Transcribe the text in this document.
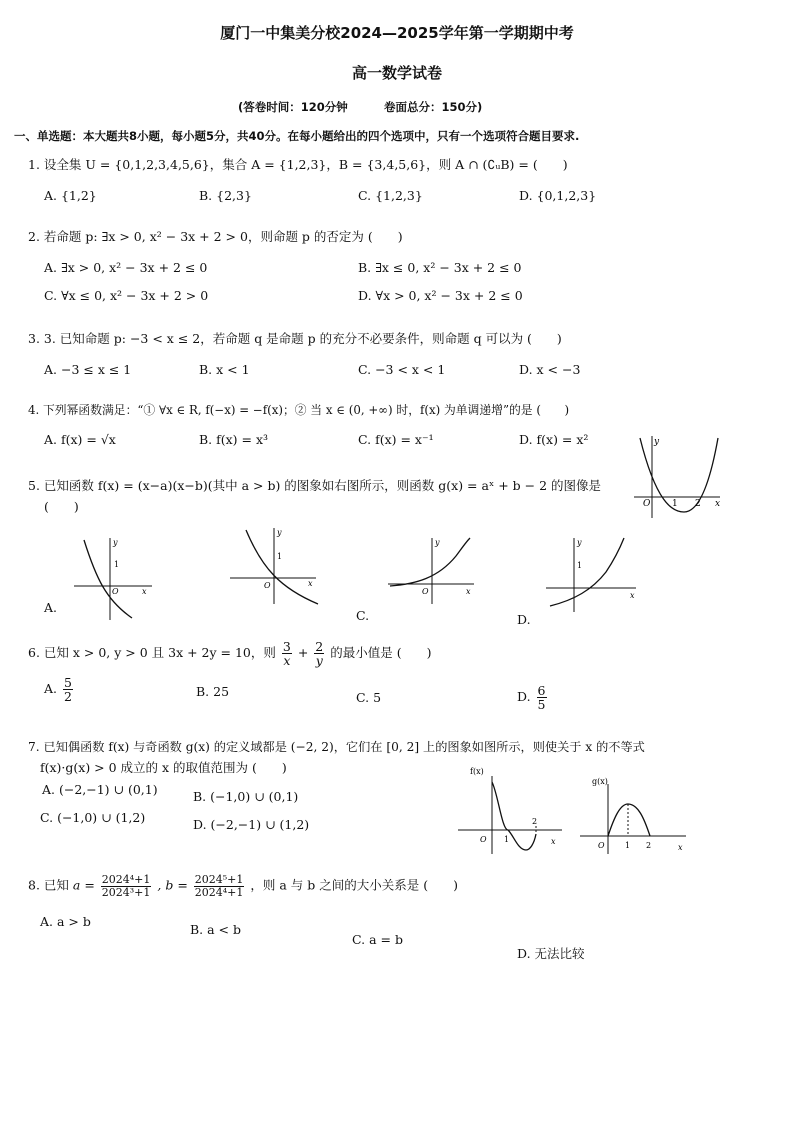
厦门一中集美分校2024—2025学年第一学期期中考
高一数学试卷
(答卷时间：120分钟	卷面总分：150分)
一、单选题：本大题共8小题，每小题5分，共40分。在每小题给出的四个选项中，只有一个选项符合题目要求.
1. 设全集 U = {0,1,2,3,4,5,6}，集合 A = {1,2,3}，B = {3,4,5,6}，则 A ∩ (∁ᵤB) = (　　)
A. {1,2}	B. {2,3}	C. {1,2,3}	D. {0,1,2,3}
2. 若命题 p: ∃x > 0, x² − 3x + 2 > 0，则命题 p 的否定为 (　　)
A. ∃x > 0, x² − 3x + 2 ≤ 0	B. ∃x ≤ 0, x² − 3x + 2 ≤ 0
C. ∀x ≤ 0, x² − 3x + 2 > 0	D. ∀x > 0, x² − 3x + 2 ≤ 0
3. 3. 已知命题 p: −3 < x ≤ 2，若命题 q 是命题 p 的充分不必要条件，则命题 q 可以为 (　　)
A. −3 ≤ x ≤ 1	B. x < 1	C. −3 < x < 1	D. x < −3
4. 下列幂函数满足：“① ∀x ∈ R, f(−x) = −f(x)；② 当 x ∈ (0, +∞) 时，f(x) 为单调递增”的是 (　　)
A. f(x) = √x	B. f(x) = x³	C. f(x) = x⁻¹	D. f(x) = x²	y
x
O 1 2
5. 已知函数 f(x) = (x−a)(x−b)(其中 a > b) 的图象如右图所示，则函数 g(x) = aˣ + b − 2 的图像是
(　　)
y
x
O
1
A.
y
x
O
1
y
x
O
C.
y
x
1
D.
6. 已知 x > 0, y > 0 且 3x + 2y = 10，则 $\frac{3}{x} + \frac{2}{y}$ 的最小值是 (　　)
A. $\frac{5}{2}$	B. 25	C. 5	D. $\frac{6}{5}$
7. 已知偶函数 f(x) 与奇函数 g(x) 的定义域都是 (−2, 2)，它们在 [0, 2] 上的图象如图所示，则使关于 x 的不等式
f(x)·g(x) > 0 成立的 x 的取值范围为 (　　)
A. (−2,−1) ∪ (0,1)	B. (−1,0) ∪ (0,1)
C. (−1,0) ∪ (1,2)	D. (−2,−1) ∪ (1,2)
f(x)
O 1
2
x
g(x)
O	1 2	x
8. 已知 $a = \frac{\text{2024⁴+1}}{\text{2024³+1}}$ , $b = \frac{\text{2024⁵+1}}{\text{2024⁴+1}}$ ，则 a 与 b 之间的大小关系是 (　　)
A. a > b
B. a < b
C. a = b
D. 无法比较
